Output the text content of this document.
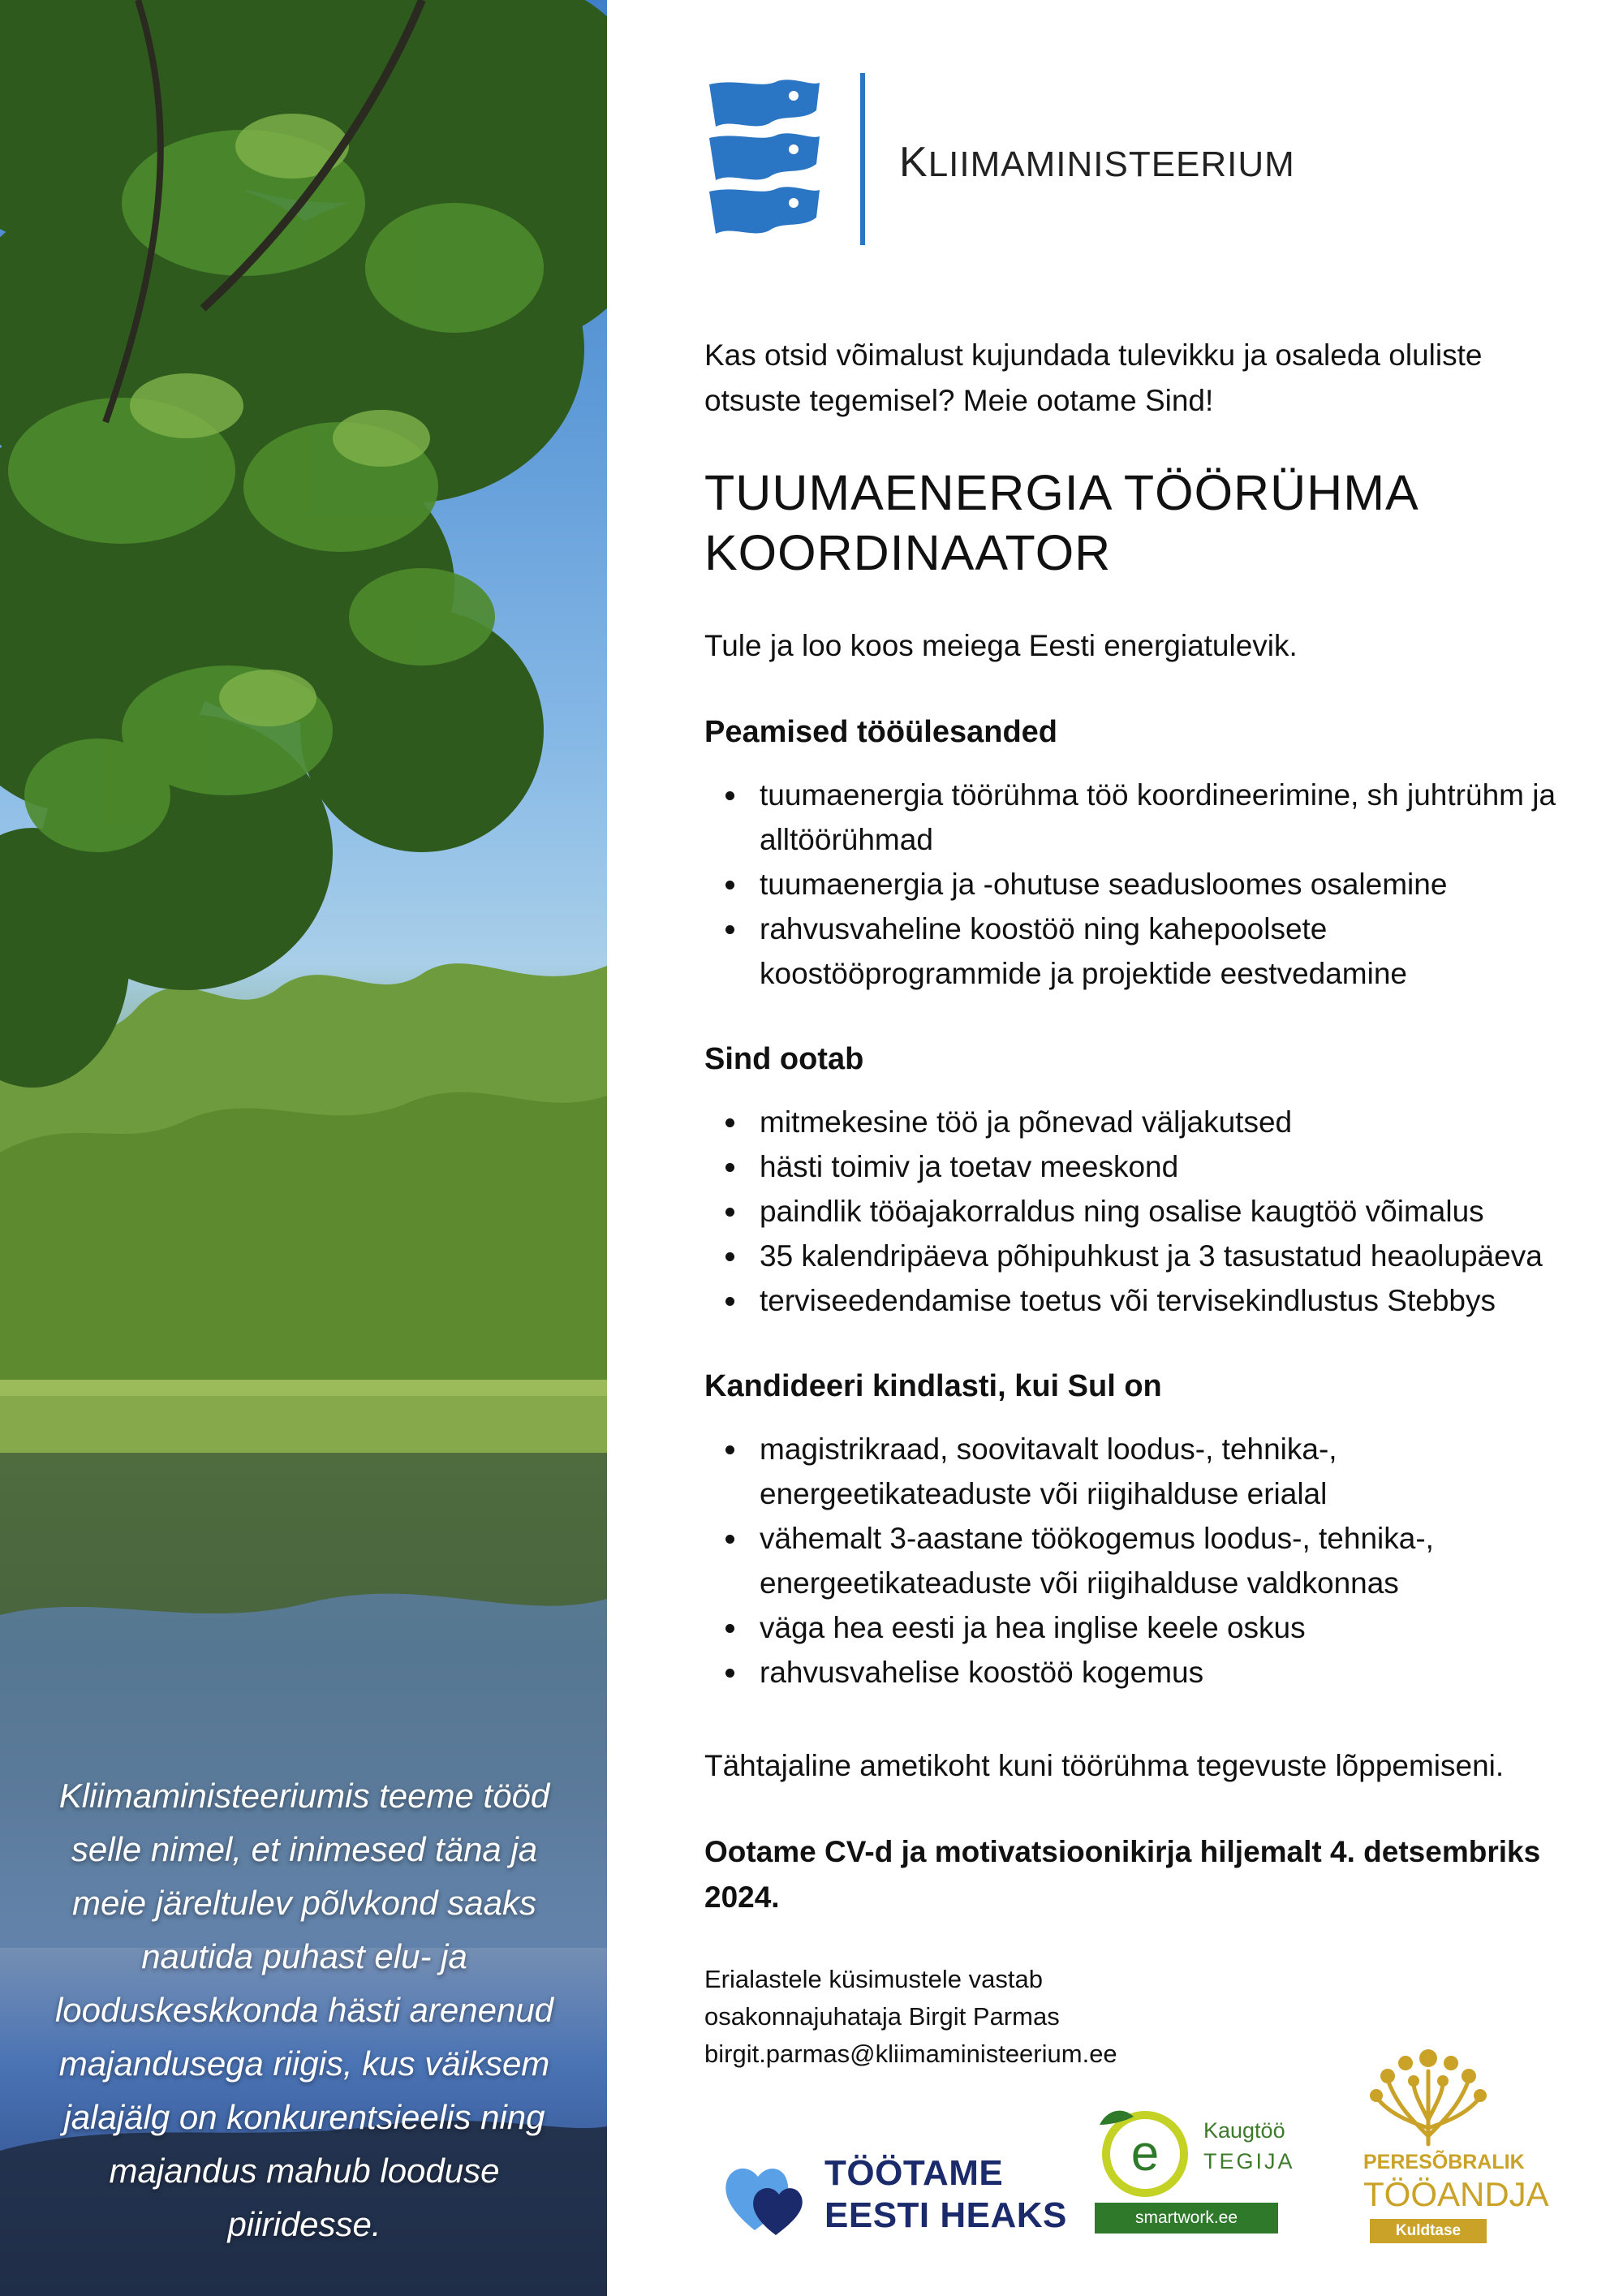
Kliimaministeeriumis teeme tööd selle nimel, et inimesed täna ja meie järeltulev põlvkond saaks nautida puhast elu- ja looduskeskkonda hästi arenenud majandusega riigis, kus väiksem jalajälg on konkurentsieelis ning majandus mahub looduse piiridesse.
KLIIMAMINISTEERIUM

Kas otsid võimalust kujundada tulevikku ja osaleda oluliste otsuste tegemisel? Meie ootame Sind!

TUUMAENERGIA TÖÖRÜHMA
KOORDINAATOR

Tule ja loo koos meiega Eesti energiatulevik.

Peamised tööülesanded
tuumaenergia töörühma töö koordineerimine, sh juhtrühm ja alltöörühmad
tuumaenergia ja -ohutuse seadusloomes osalemine
rahvusvaheline koostöö ning kahepoolsete koostööprogrammide ja projektide eestvedamine
Sind ootab
mitmekesine töö ja põnevad väljakutsed
hästi toimiv ja toetav meeskond
paindlik tööajakorraldus ning osalise kaugtöö võimalus
35 kalendripäeva põhipuhkust ja 3 tasustatud heaolupäeva
terviseedendamise toetus või tervisekindlustus Stebbys
Kandideeri kindlasti, kui Sul on
magistrikraad, soovitavalt loodus-, tehnika-, energeetikateaduste või riigihalduse erialal
vähemalt 3-aastane töökogemus loodus-, tehnika-, energeetikateaduste või riigihalduse valdkonnas
väga hea eesti ja hea inglise keele oskus
rahvusvahelise koostöö kogemus

Tähtajaline ametikoht kuni töörühma tegevuste lõppemiseni.

Ootame CV-d ja motivatsioonikirja hiljemalt 4. detsembriks 2024.

Erialastele küsimustele vastab
osakonnajuhataja Birgit Parmas
birgit.parmas@kliimaministeerium.ee
TÖÖTAME
EESTI HEAKS
e Kaugtöö
TEGIJA
smartwork.ee
PERESÕBRALIK
TÖÖANDJA
Kuldtase
